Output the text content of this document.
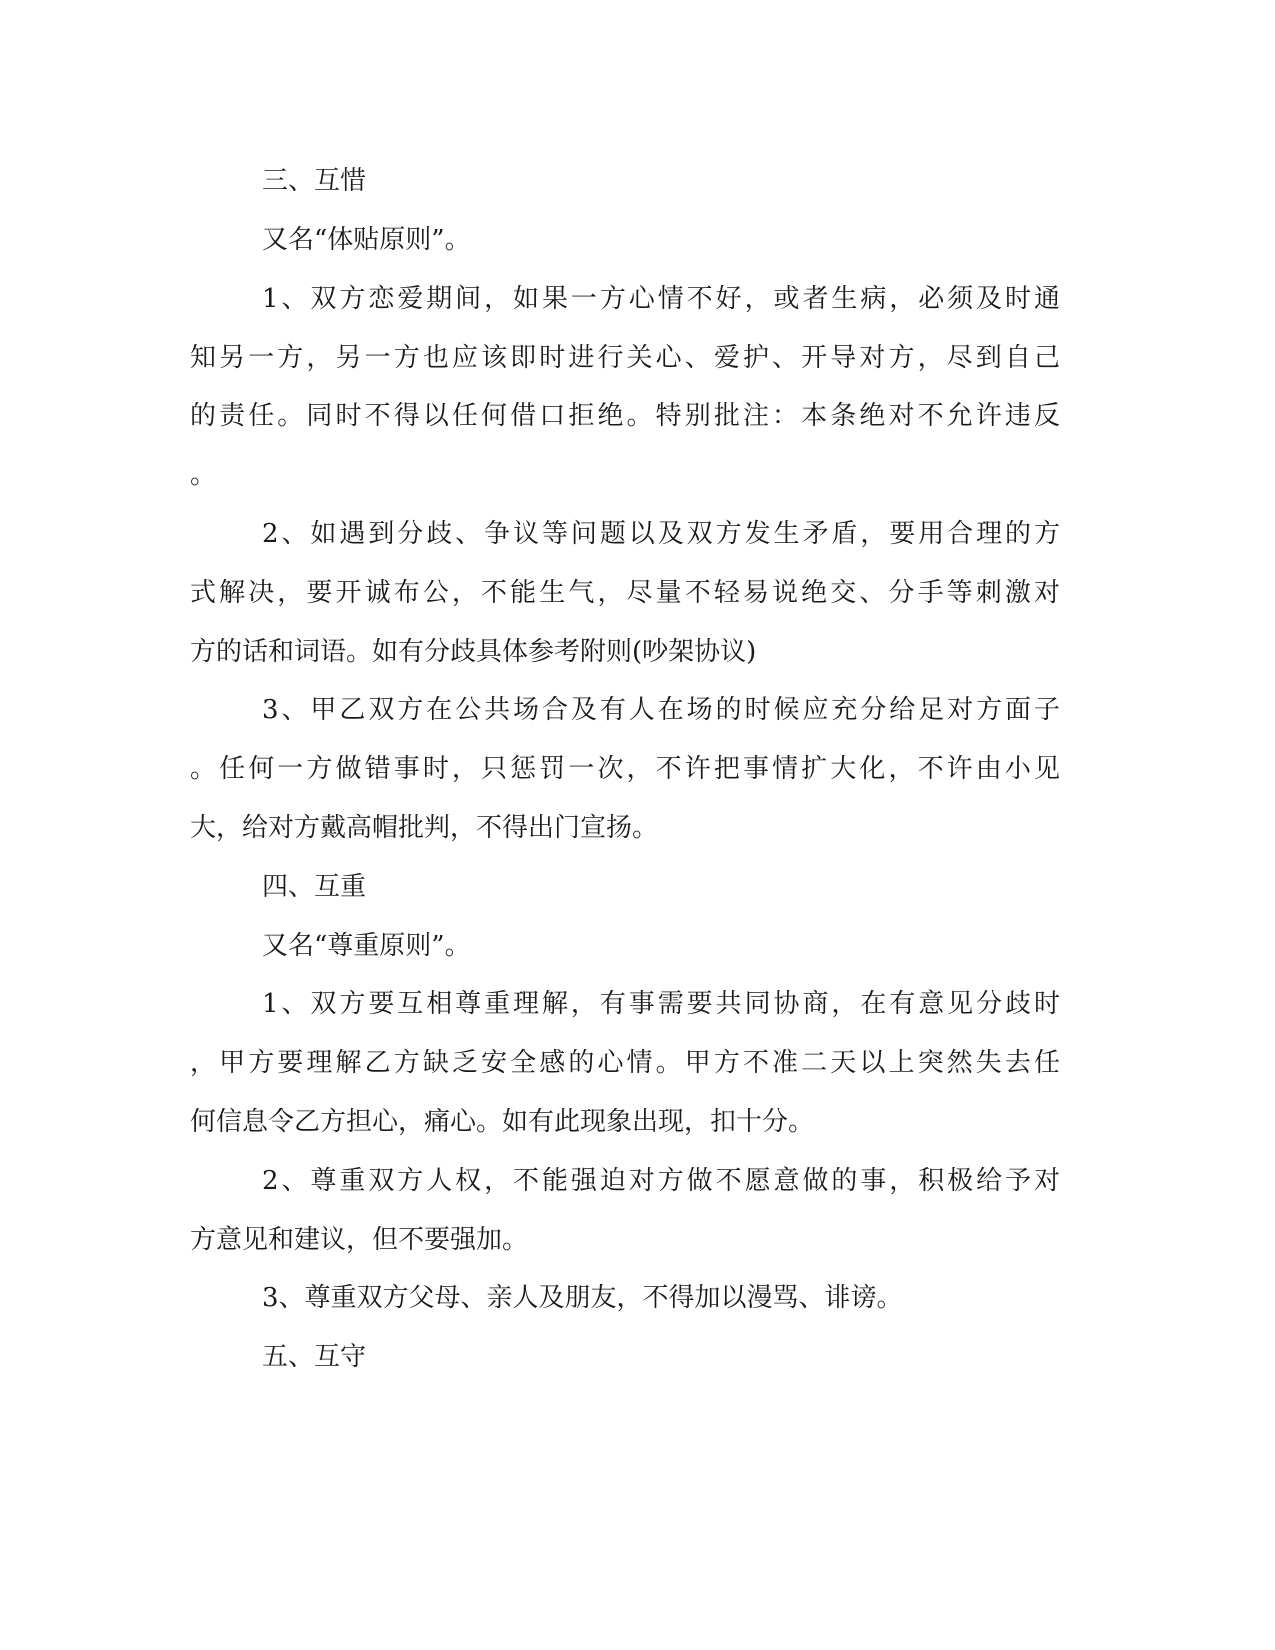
三、互惜
又名“体贴原则”。
1、双方恋爱期间，如果一方心情不好，或者生病，必须及时通
知另一方，另一方也应该即时进行关心、爱护、开导对方，尽到自己
的责任。同时不得以任何借口拒绝。特别批注：本条绝对不允许违反
。
2、如遇到分歧、争议等问题以及双方发生矛盾，要用合理的方
式解决，要开诚布公，不能生气，尽量不轻易说绝交、分手等刺激对
方的话和词语。如有分歧具体参考附则(吵架协议)
3、甲乙双方在公共场合及有人在场的时候应充分给足对方面子
。任何一方做错事时，只惩罚一次，不许把事情扩大化，不许由小见
大，给对方戴高帽批判，不得出门宣扬。
四、互重
又名“尊重原则”。
1、双方要互相尊重理解，有事需要共同协商，在有意见分歧时
，甲方要理解乙方缺乏安全感的心情。甲方不准二天以上突然失去任
何信息令乙方担心，痛心。如有此现象出现，扣十分。
2、尊重双方人权，不能强迫对方做不愿意做的事，积极给予对
方意见和建议，但不要强加。
3、尊重双方父母、亲人及朋友，不得加以漫骂、诽谤。
五、互守
